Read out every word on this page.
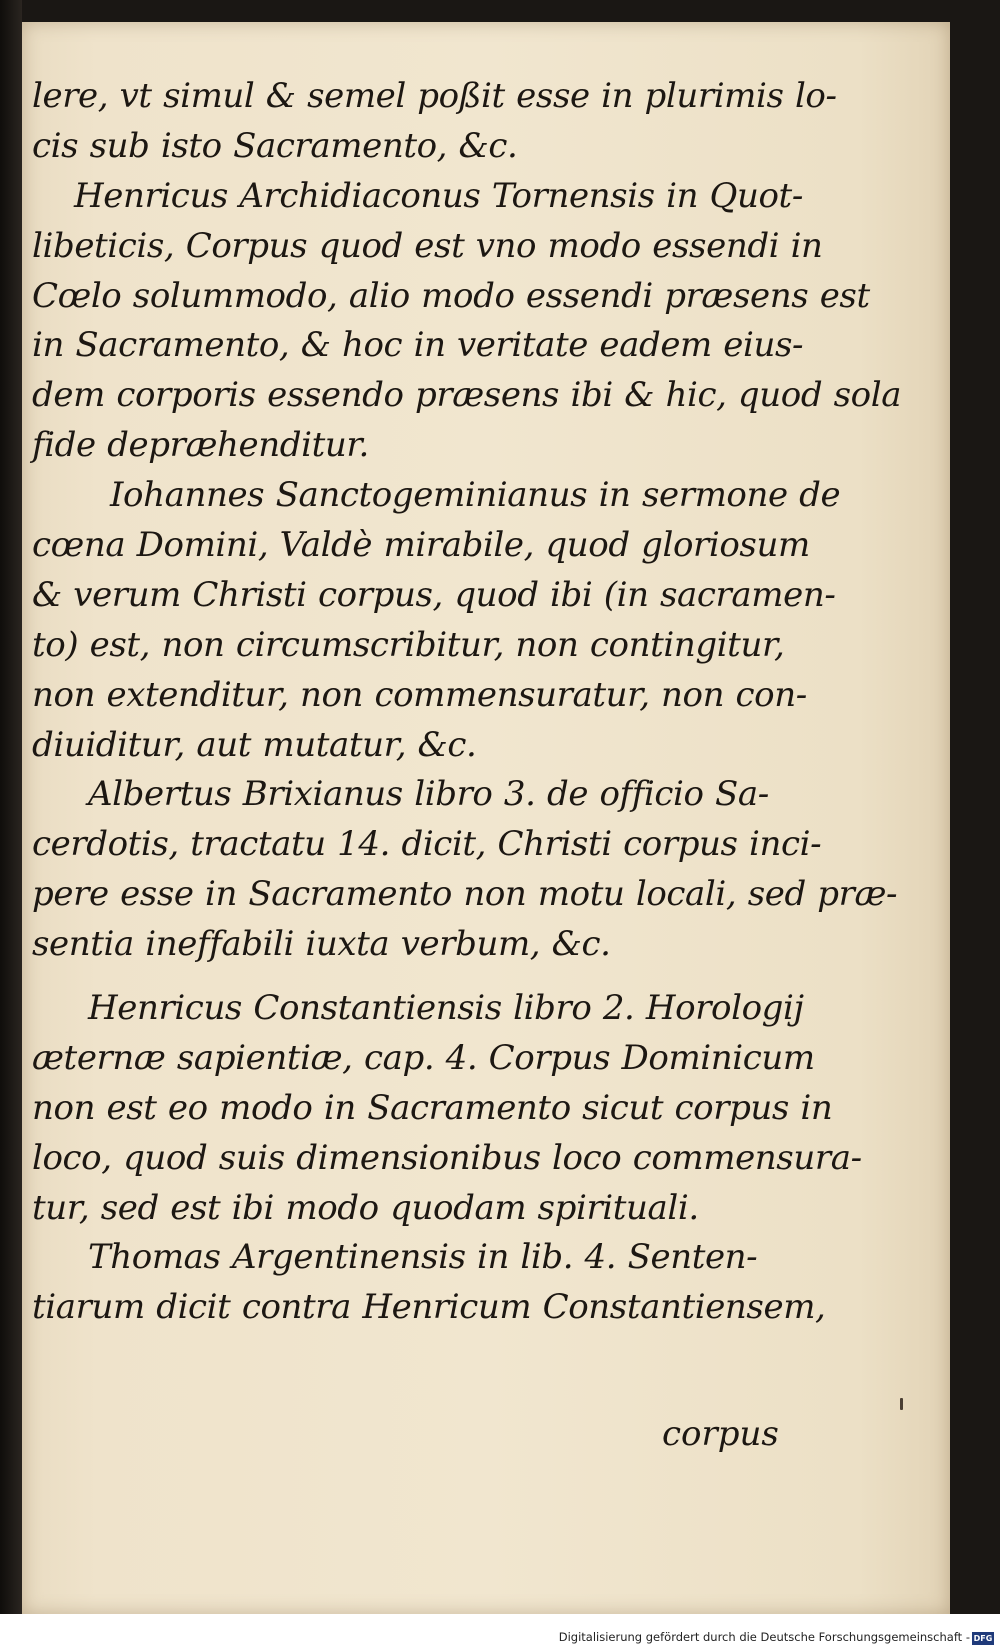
lere, vt simul & semel poßit esse in plurimis lo-
cis sub isto Sacramento, &c.
Henricus Archidiaconus Tornensis in Quot-
libeticis, Corpus quod est vno modo essendi in
Cœlo solummodo, alio modo essendi præsens est
in Sacramento, & hoc in veritate eadem eius-
dem corporis essendo præsens ibi & hic, quod sola
fide depræhenditur.
Iohannes Sanctogeminianus in sermone de
cœna Domini, Valdè mirabile, quod gloriosum
& verum Christi corpus, quod ibi (in sacramen-
to) est, non circumscribitur, non contingitur,
non extenditur, non commensuratur, non con-
diuiditur, aut mutatur, &c.
Albertus Brixianus libro 3. de officio Sa-
cerdotis, tractatu 14. dicit, Christi corpus inci-
pere esse in Sacramento non motu locali, sed præ-
sentia ineffabili iuxta verbum, &c.
Henricus Constantiensis libro 2. Horologij
æternæ sapientiæ, cap. 4. Corpus Dominicum
non est eo modo in Sacramento sicut corpus in
loco, quod suis dimensionibus loco commensura-
tur, sed est ibi modo quodam spirituali.
Thomas Argentinensis in lib. 4. Senten-
tiarum dicit contra Henricum Constantiensem,
corpus
Digitalisierung gefördert durch die Deutsche Forschungsgemeinschaft - DFG
